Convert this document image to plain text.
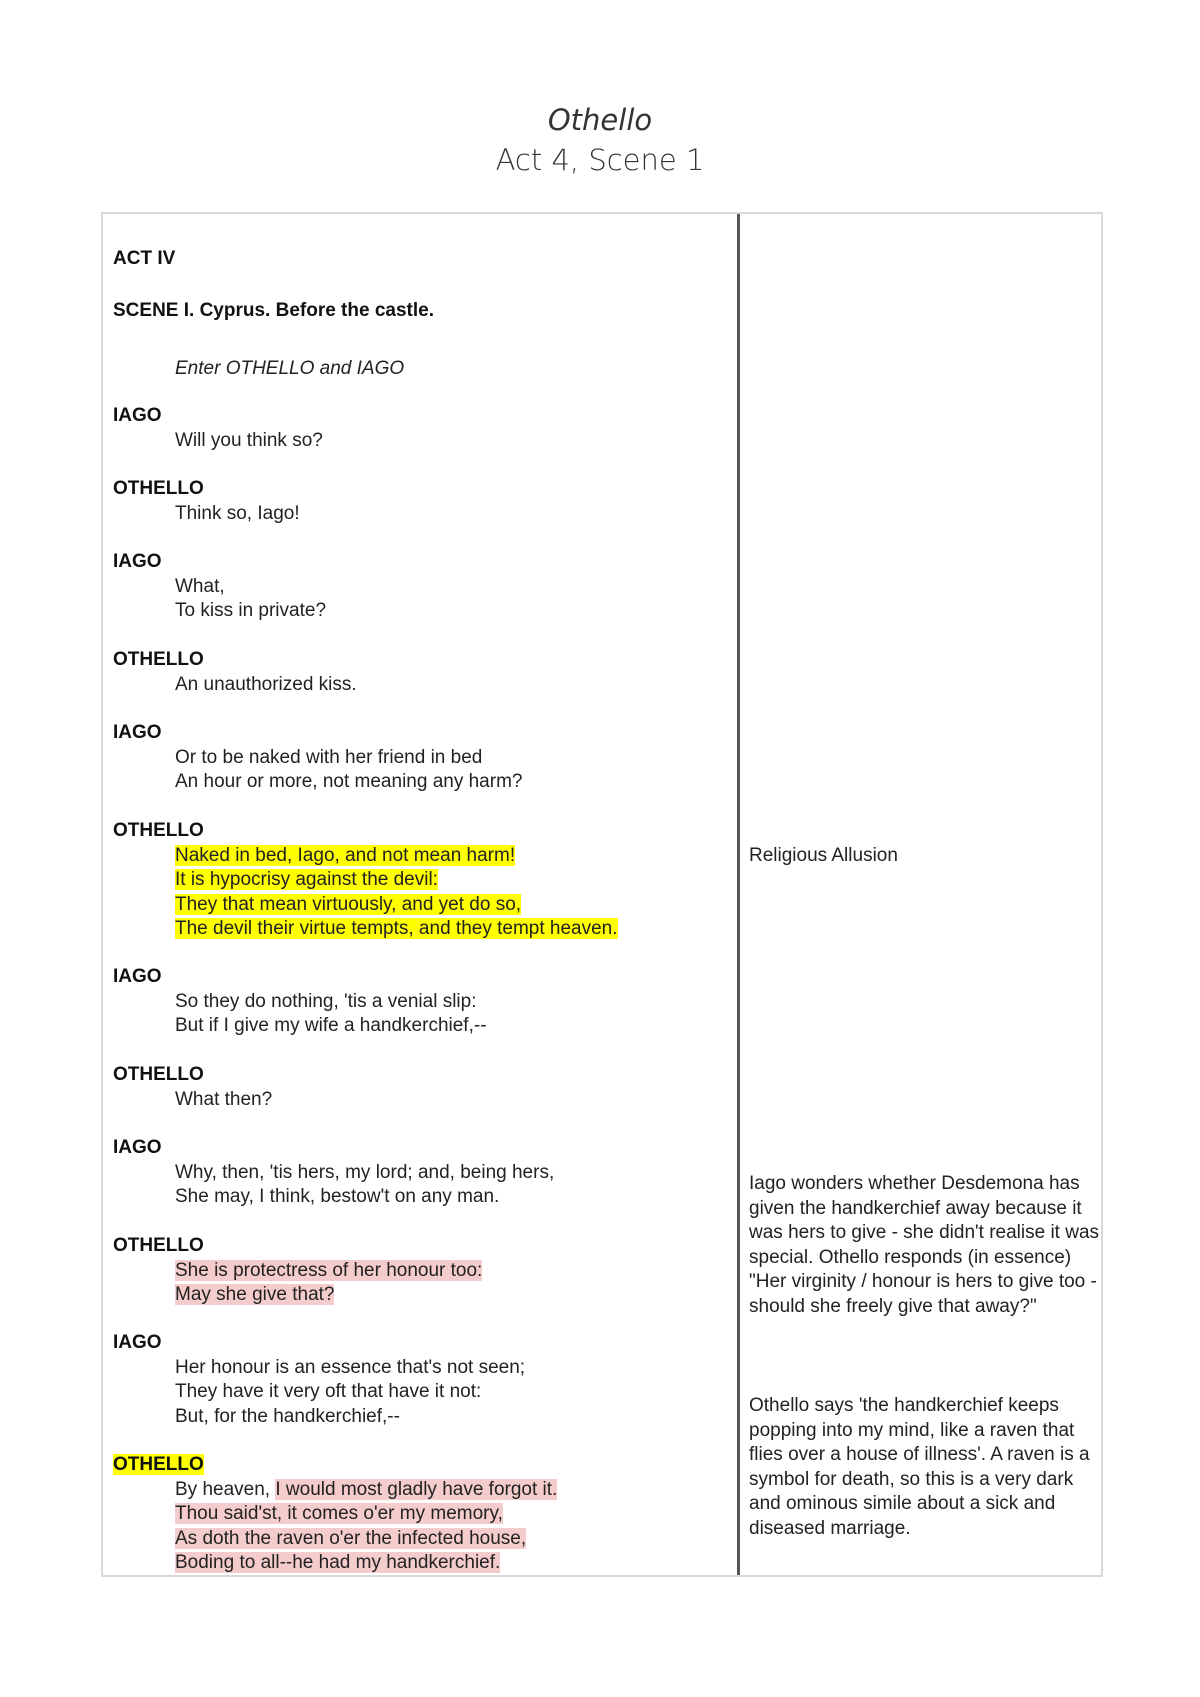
Othello
Act 4, Scene 1
ACT IV
SCENE I. Cyprus. Before the castle.
Enter OTHELLO and IAGO
IAGO
Will you think so?
OTHELLO
Think so, Iago!
IAGO
What,
To kiss in private?
OTHELLO
An unauthorized kiss.
IAGO
Or to be naked with her friend in bed
An hour or more, not meaning any harm?
OTHELLO
Naked in bed, Iago, and not mean harm!
It is hypocrisy against the devil:
They that mean virtuously, and yet do so,
The devil their virtue tempts, and they tempt heaven.
IAGO
So they do nothing, 'tis a venial slip:
But if I give my wife a handkerchief,--
OTHELLO
What then?
IAGO
Why, then, 'tis hers, my lord; and, being hers,
She may, I think, bestow't on any man.
OTHELLO
She is protectress of her honour too:
May she give that?
IAGO
Her honour is an essence that's not seen;
They have it very oft that have it not:
But, for the handkerchief,--
OTHELLO
By heaven, I would most gladly have forgot it.
Thou said'st, it comes o'er my memory,
As doth the raven o'er the infected house,
Boding to all--he had my handkerchief.
Religious Allusion
Iago wonders whether Desdemona has given the handkerchief away because it was hers to give - she didn't realise it was special. Othello responds (in essence) "Her virginity / honour is hers to give too - should she freely give that away?"
Othello says 'the handkerchief keeps popping into my mind, like a raven that flies over a house of illness'. A raven is a symbol for death, so this is a very dark and ominous simile about a sick and diseased marriage.
